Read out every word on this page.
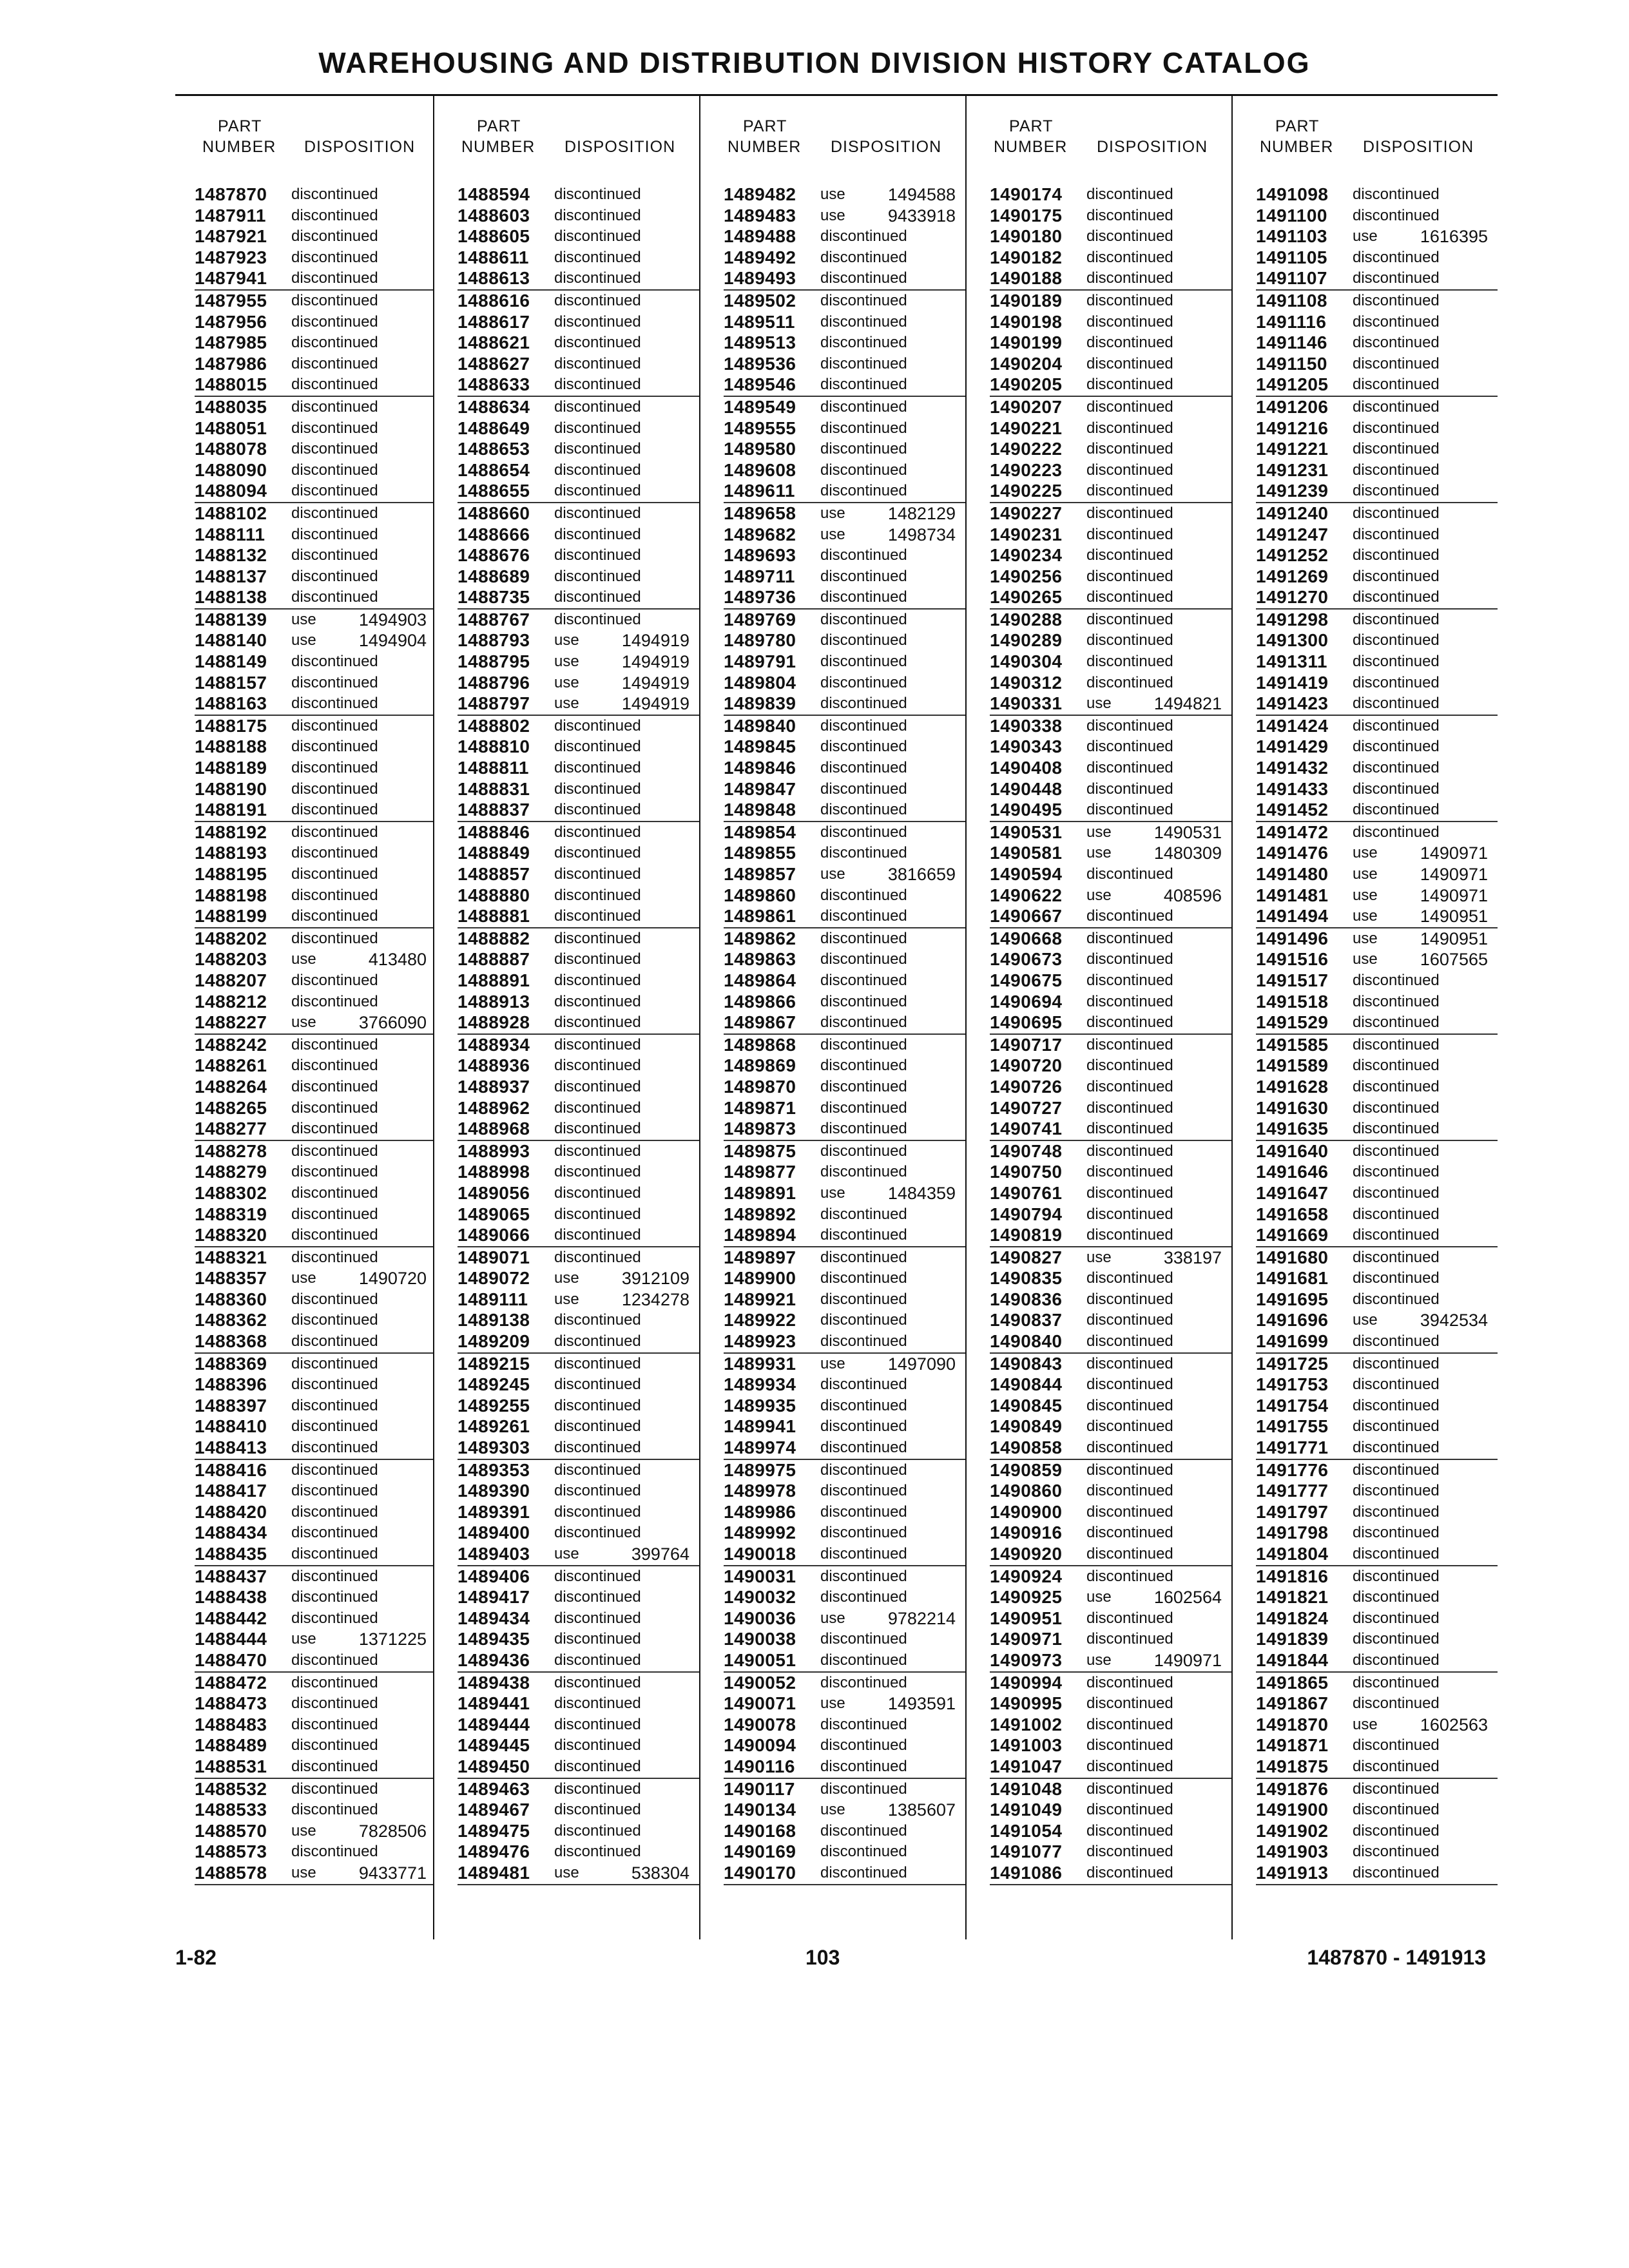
WAREHOUSING AND DISTRIBUTION DIVISION HISTORY CATALOG
PART
NUMBER DISPOSITION
1487870	discontinued
1487911	discontinued
1487921	discontinued
1487923	discontinued
1487941	discontinued
1487955	discontinued
1487956	discontinued
1487985	discontinued
1487986	discontinued
1488015	discontinued
1488035	discontinued
1488051	discontinued
1488078	discontinued
1488090	discontinued
1488094	discontinued
1488102	discontinued
1488111	discontinued
1488132	discontinued
1488137	discontinued
1488138	discontinued
1488139	use	1494903
1488140	use	1494904
1488149	discontinued
1488157	discontinued
1488163	discontinued
1488175	discontinued
1488188	discontinued
1488189	discontinued
1488190	discontinued
1488191	discontinued
1488192	discontinued
1488193	discontinued
1488195	discontinued
1488198	discontinued
1488199	discontinued
1488202	discontinued
1488203	use	413480
1488207	discontinued
1488212	discontinued
1488227	use	3766090
1488242	discontinued
1488261	discontinued
1488264	discontinued
1488265	discontinued
1488277	discontinued
1488278	discontinued
1488279	discontinued
1488302	discontinued
1488319	discontinued
1488320	discontinued
1488321	discontinued
1488357	use	1490720
1488360	discontinued
1488362	discontinued
1488368	discontinued
1488369	discontinued
1488396	discontinued
1488397	discontinued
1488410	discontinued
1488413	discontinued
1488416	discontinued
1488417	discontinued
1488420	discontinued
1488434	discontinued
1488435	discontinued
1488437	discontinued
1488438	discontinued
1488442	discontinued
1488444	use	1371225
1488470	discontinued
1488472	discontinued
1488473	discontinued
1488483	discontinued
1488489	discontinued
1488531	discontinued
1488532	discontinued
1488533	discontinued
1488570	use	7828506
1488573	discontinued
1488578	use	9433771
PART
NUMBER DISPOSITION
1488594	discontinued
1488603	discontinued
1488605	discontinued
1488611	discontinued
1488613	discontinued
1488616	discontinued
1488617	discontinued
1488621	discontinued
1488627	discontinued
1488633	discontinued
1488634	discontinued
1488649	discontinued
1488653	discontinued
1488654	discontinued
1488655	discontinued
1488660	discontinued
1488666	discontinued
1488676	discontinued
1488689	discontinued
1488735	discontinued
1488767	discontinued
1488793	use	1494919
1488795	use	1494919
1488796	use	1494919
1488797	use	1494919
1488802	discontinued
1488810	discontinued
1488811	discontinued
1488831	discontinued
1488837	discontinued
1488846	discontinued
1488849	discontinued
1488857	discontinued
1488880	discontinued
1488881	discontinued
1488882	discontinued
1488887	discontinued
1488891	discontinued
1488913	discontinued
1488928	discontinued
1488934	discontinued
1488936	discontinued
1488937	discontinued
1488962	discontinued
1488968	discontinued
1488993	discontinued
1488998	discontinued
1489056	discontinued
1489065	discontinued
1489066	discontinued
1489071	discontinued
1489072	use	3912109
1489111	use	1234278
1489138	discontinued
1489209	discontinued
1489215	discontinued
1489245	discontinued
1489255	discontinued
1489261	discontinued
1489303	discontinued
1489353	discontinued
1489390	discontinued
1489391	discontinued
1489400	discontinued
1489403	use	399764
1489406	discontinued
1489417	discontinued
1489434	discontinued
1489435	discontinued
1489436	discontinued
1489438	discontinued
1489441	discontinued
1489444	discontinued
1489445	discontinued
1489450	discontinued
1489463	discontinued
1489467	discontinued
1489475	discontinued
1489476	discontinued
1489481	use	538304
PART
NUMBER DISPOSITION
1489482	use	1494588
1489483	use	9433918
1489488	discontinued
1489492	discontinued
1489493	discontinued
1489502	discontinued
1489511	discontinued
1489513	discontinued
1489536	discontinued
1489546	discontinued
1489549	discontinued
1489555	discontinued
1489580	discontinued
1489608	discontinued
1489611	discontinued
1489658	use	1482129
1489682	use	1498734
1489693	discontinued
1489711	discontinued
1489736	discontinued
1489769	discontinued
1489780	discontinued
1489791	discontinued
1489804	discontinued
1489839	discontinued
1489840	discontinued
1489845	discontinued
1489846	discontinued
1489847	discontinued
1489848	discontinued
1489854	discontinued
1489855	discontinued
1489857	use	3816659
1489860	discontinued
1489861	discontinued
1489862	discontinued
1489863	discontinued
1489864	discontinued
1489866	discontinued
1489867	discontinued
1489868	discontinued
1489869	discontinued
1489870	discontinued
1489871	discontinued
1489873	discontinued
1489875	discontinued
1489877	discontinued
1489891	use	1484359
1489892	discontinued
1489894	discontinued
1489897	discontinued
1489900	discontinued
1489921	discontinued
1489922	discontinued
1489923	discontinued
1489931	use	1497090
1489934	discontinued
1489935	discontinued
1489941	discontinued
1489974	discontinued
1489975	discontinued
1489978	discontinued
1489986	discontinued
1489992	discontinued
1490018	discontinued
1490031	discontinued
1490032	discontinued
1490036	use	9782214
1490038	discontinued
1490051	discontinued
1490052	discontinued
1490071	use	1493591
1490078	discontinued
1490094	discontinued
1490116	discontinued
1490117	discontinued
1490134	use	1385607
1490168	discontinued
1490169	discontinued
1490170	discontinued
PART
NUMBER DISPOSITION
1490174	discontinued
1490175	discontinued
1490180	discontinued
1490182	discontinued
1490188	discontinued
1490189	discontinued
1490198	discontinued
1490199	discontinued
1490204	discontinued
1490205	discontinued
1490207	discontinued
1490221	discontinued
1490222	discontinued
1490223	discontinued
1490225	discontinued
1490227	discontinued
1490231	discontinued
1490234	discontinued
1490256	discontinued
1490265	discontinued
1490288	discontinued
1490289	discontinued
1490304	discontinued
1490312	discontinued
1490331	use	1494821
1490338	discontinued
1490343	discontinued
1490408	discontinued
1490448	discontinued
1490495	discontinued
1490531	use	1490531
1490581	use	1480309
1490594	discontinued
1490622	use	408596
1490667	discontinued
1490668	discontinued
1490673	discontinued
1490675	discontinued
1490694	discontinued
1490695	discontinued
1490717	discontinued
1490720	discontinued
1490726	discontinued
1490727	discontinued
1490741	discontinued
1490748	discontinued
1490750	discontinued
1490761	discontinued
1490794	discontinued
1490819	discontinued
1490827	use	338197
1490835	discontinued
1490836	discontinued
1490837	discontinued
1490840	discontinued
1490843	discontinued
1490844	discontinued
1490845	discontinued
1490849	discontinued
1490858	discontinued
1490859	discontinued
1490860	discontinued
1490900	discontinued
1490916	discontinued
1490920	discontinued
1490924	discontinued
1490925	use	1602564
1490951	discontinued
1490971	discontinued
1490973	use	1490971
1490994	discontinued
1490995	discontinued
1491002	discontinued
1491003	discontinued
1491047	discontinued
1491048	discontinued
1491049	discontinued
1491054	discontinued
1491077	discontinued
1491086	discontinued
PART
NUMBER DISPOSITION
1491098	discontinued
1491100	discontinued
1491103	use	1616395
1491105	discontinued
1491107	discontinued
1491108	discontinued
1491116	discontinued
1491146	discontinued
1491150	discontinued
1491205	discontinued
1491206	discontinued
1491216	discontinued
1491221	discontinued
1491231	discontinued
1491239	discontinued
1491240	discontinued
1491247	discontinued
1491252	discontinued
1491269	discontinued
1491270	discontinued
1491298	discontinued
1491300	discontinued
1491311	discontinued
1491419	discontinued
1491423	discontinued
1491424	discontinued
1491429	discontinued
1491432	discontinued
1491433	discontinued
1491452	discontinued
1491472	discontinued
1491476	use	1490971
1491480	use	1490971
1491481	use	1490971
1491494	use	1490951
1491496	use	1490951
1491516	use	1607565
1491517	discontinued
1491518	discontinued
1491529	discontinued
1491585	discontinued
1491589	discontinued
1491628	discontinued
1491630	discontinued
1491635	discontinued
1491640	discontinued
1491646	discontinued
1491647	discontinued
1491658	discontinued
1491669	discontinued
1491680	discontinued
1491681	discontinued
1491695	discontinued
1491696	use	3942534
1491699	discontinued
1491725	discontinued
1491753	discontinued
1491754	discontinued
1491755	discontinued
1491771	discontinued
1491776	discontinued
1491777	discontinued
1491797	discontinued
1491798	discontinued
1491804	discontinued
1491816	discontinued
1491821	discontinued
1491824	discontinued
1491839	discontinued
1491844	discontinued
1491865	discontinued
1491867	discontinued
1491870	use	1602563
1491871	discontinued
1491875	discontinued
1491876	discontinued
1491900	discontinued
1491902	discontinued
1491903	discontinued
1491913	discontinued
1-82	103	1487870 - 1491913
